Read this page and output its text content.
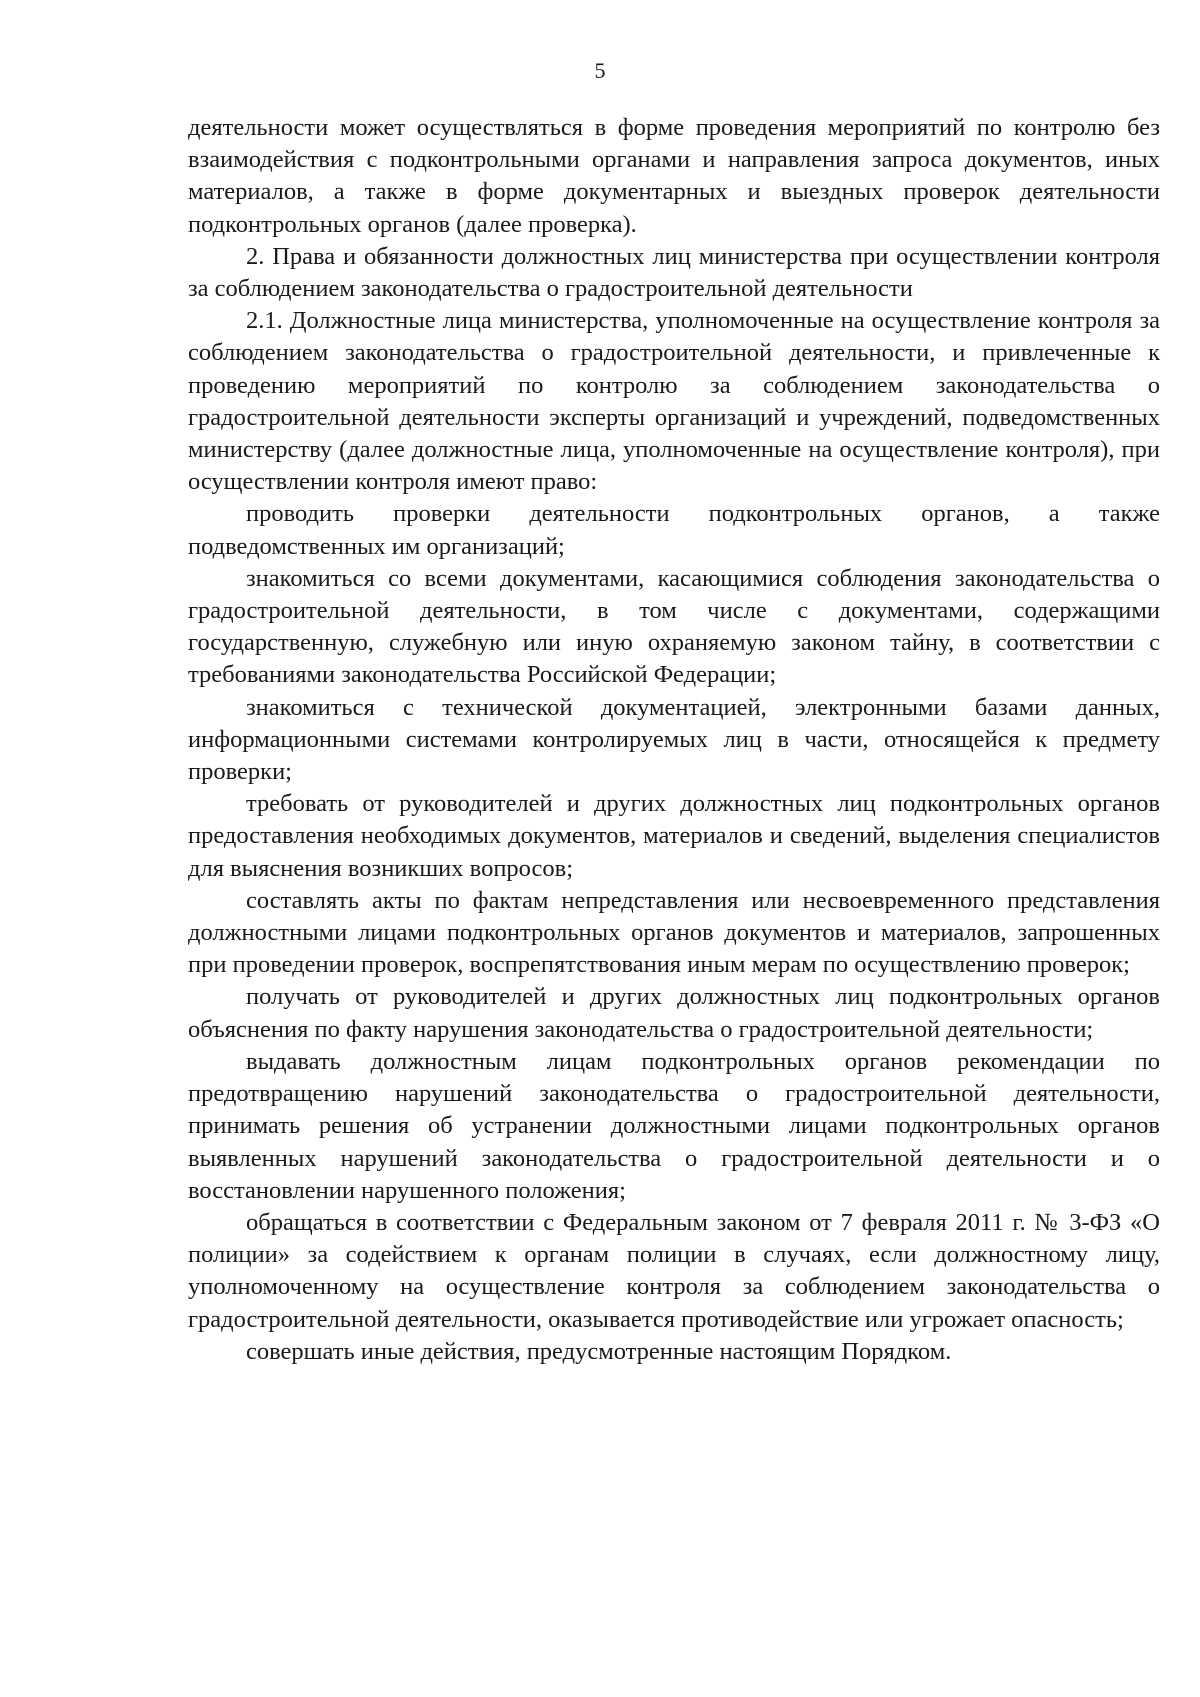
5

деятельности может осуществляться в форме проведения мероприятий по контролю без взаимодействия с подконтрольными органами и направления запроса документов, иных материалов, а также в форме документарных и выездных проверок деятельности подконтрольных органов (далее проверка).

2. Права и обязанности должностных лиц министерства при осуществлении контроля за соблюдением законодательства о градостроительной деятельности

2.1. Должностные лица министерства, уполномоченные на осуществление контроля за соблюдением законодательства о градостроительной деятельности, и привлеченные к проведению мероприятий по контролю за соблюдением законодательства о градостроительной деятельности эксперты организаций и учреждений, подведомственных министерству (далее должностные лица, уполномоченные на осуществление контроля), при осуществлении контроля имеют право:

проводить проверки деятельности подконтрольных органов, а также подведомственных им организаций;

знакомиться со всеми документами, касающимися соблюдения законодательства о градостроительной деятельности, в том числе с документами, содержащими государственную, служебную или иную охраняемую законом тайну, в соответствии с требованиями законодательства Российской Федерации;

знакомиться с технической документацией, электронными базами данных, информационными системами контролируемых лиц в части, относящейся к предмету проверки;

требовать от руководителей и других должностных лиц подконтрольных органов предоставления необходимых документов, материалов и сведений, выделения специалистов для выяснения возникших вопросов;

составлять акты по фактам непредставления или несвоевременного представления должностными лицами подконтрольных органов документов и материалов, запрошенных при проведении проверок, воспрепятствования иным мерам по осуществлению проверок;

получать от руководителей и других должностных лиц подконтрольных органов объяснения по факту нарушения законодательства о градостроительной деятельности;

выдавать должностным лицам подконтрольных органов рекомендации по предотвращению нарушений законодательства о градостроительной деятельности, принимать решения об устранении должностными лицами подконтрольных органов выявленных нарушений законодательства о градостроительной деятельности и о восстановлении нарушенного положения;

обращаться в соответствии с Федеральным законом от 7 февраля 2011 г. № 3-ФЗ «О полиции» за содействием к органам полиции в случаях, если должностному лицу, уполномоченному на осуществление контроля за соблюдением законодательства о градостроительной деятельности, оказывается противодействие или угрожает опасность;

совершать иные действия, предусмотренные настоящим Порядком.
